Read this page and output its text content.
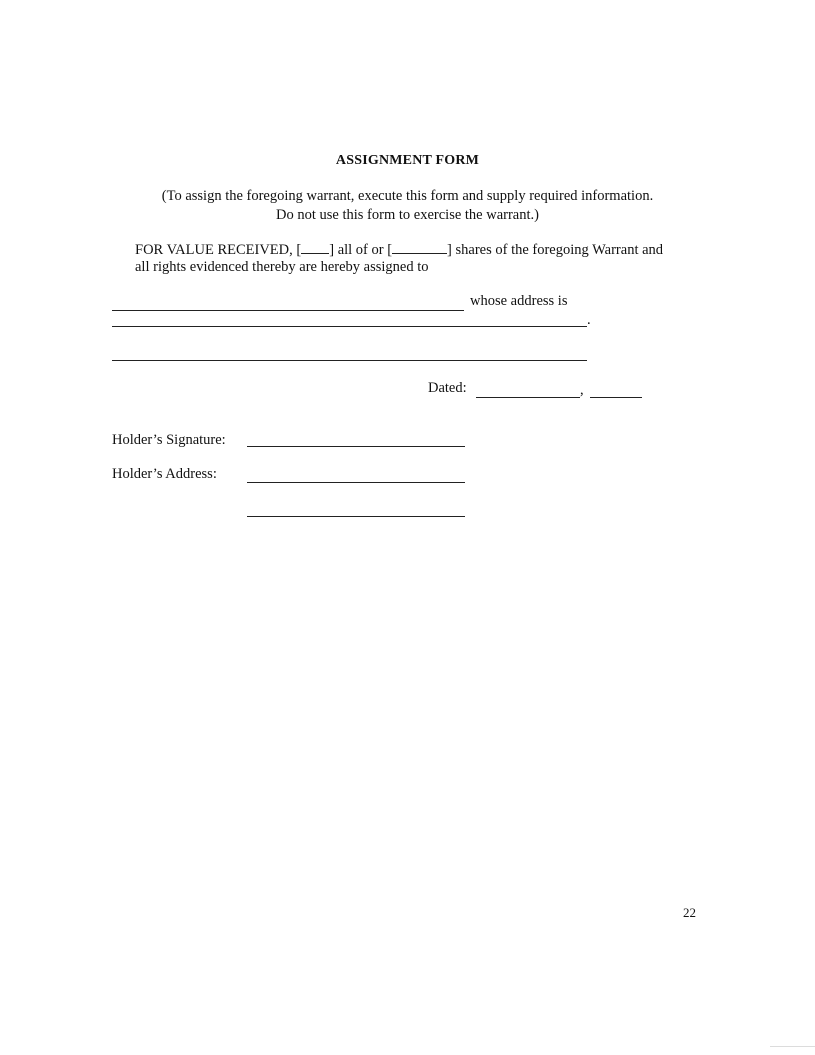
ASSIGNMENT FORM
(To assign the foregoing warrant, execute this form and supply required information.
Do not use this form to exercise the warrant.)
FOR VALUE RECEIVED, [ ] all of or [	] shares of the foregoing Warrant and
all rights evidenced thereby are hereby assigned to
whose address is
.
Dated:	,
Holder’s Signature:
Holder’s Address:
22
